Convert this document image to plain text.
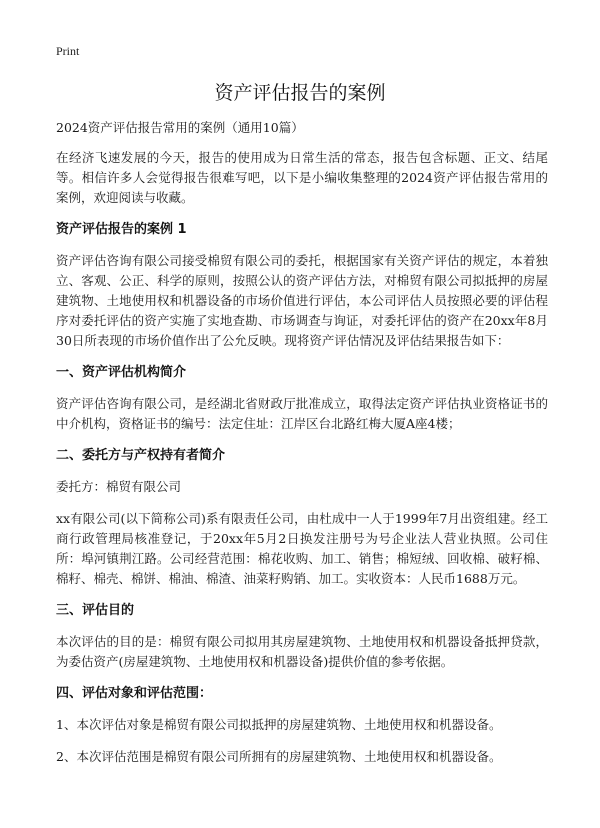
Print
资产评估报告的案例

2024资产评估报告常用的案例（通用10篇）

在经济飞速发展的今天，报告的使用成为日常生活的常态，报告包含标题、正文、结尾等。相信许多人会觉得报告很难写吧，以下是小编收集整理的2024资产评估报告常用的案例，欢迎阅读与收藏。

资产评估报告的案例 1

资产评估咨询有限公司接受棉贸有限公司的委托，根据国家有关资产评估的规定，本着独立、客观、公正、科学的原则，按照公认的资产评估方法，对棉贸有限公司拟抵押的房屋建筑物、土地使用权和机器设备的市场价值进行评估，本公司评估人员按照必要的评估程序对委托评估的资产实施了实地查勘、市场调查与询证，对委托评估的资产在20xx年8月30日所表现的市场价值作出了公允反映。现将资产评估情况及评估结果报告如下：

一、资产评估机构简介

资产评估咨询有限公司，是经湖北省财政厅批准成立，取得法定资产评估执业资格证书的中介机构，资格证书的编号：法定住址：江岸区台北路红梅大厦A座4楼；

二、委托方与产权持有者简介

委托方：棉贸有限公司

xx有限公司(以下简称公司)系有限责任公司，由杜成中一人于1999年7月出资组建。经工商行政管理局核准登记，于20xx年5月2日换发注册号为号企业法人营业执照。公司住所：埠河镇荆江路。公司经营范围：棉花收购、加工、销售；棉短绒、回收棉、破籽棉、棉籽、棉壳、棉饼、棉油、棉渣、油菜籽购销、加工。实收资本：人民币1688万元。

三、评估目的

本次评估的目的是：棉贸有限公司拟用其房屋建筑物、土地使用权和机器设备抵押贷款，为委估资产(房屋建筑物、土地使用权和机器设备)提供价值的参考依据。

四、评估对象和评估范围：

1、本次评估对象是棉贸有限公司拟抵押的房屋建筑物、土地使用权和机器设备。

2、本次评估范围是棉贸有限公司所拥有的房屋建筑物、土地使用权和机器设备。
